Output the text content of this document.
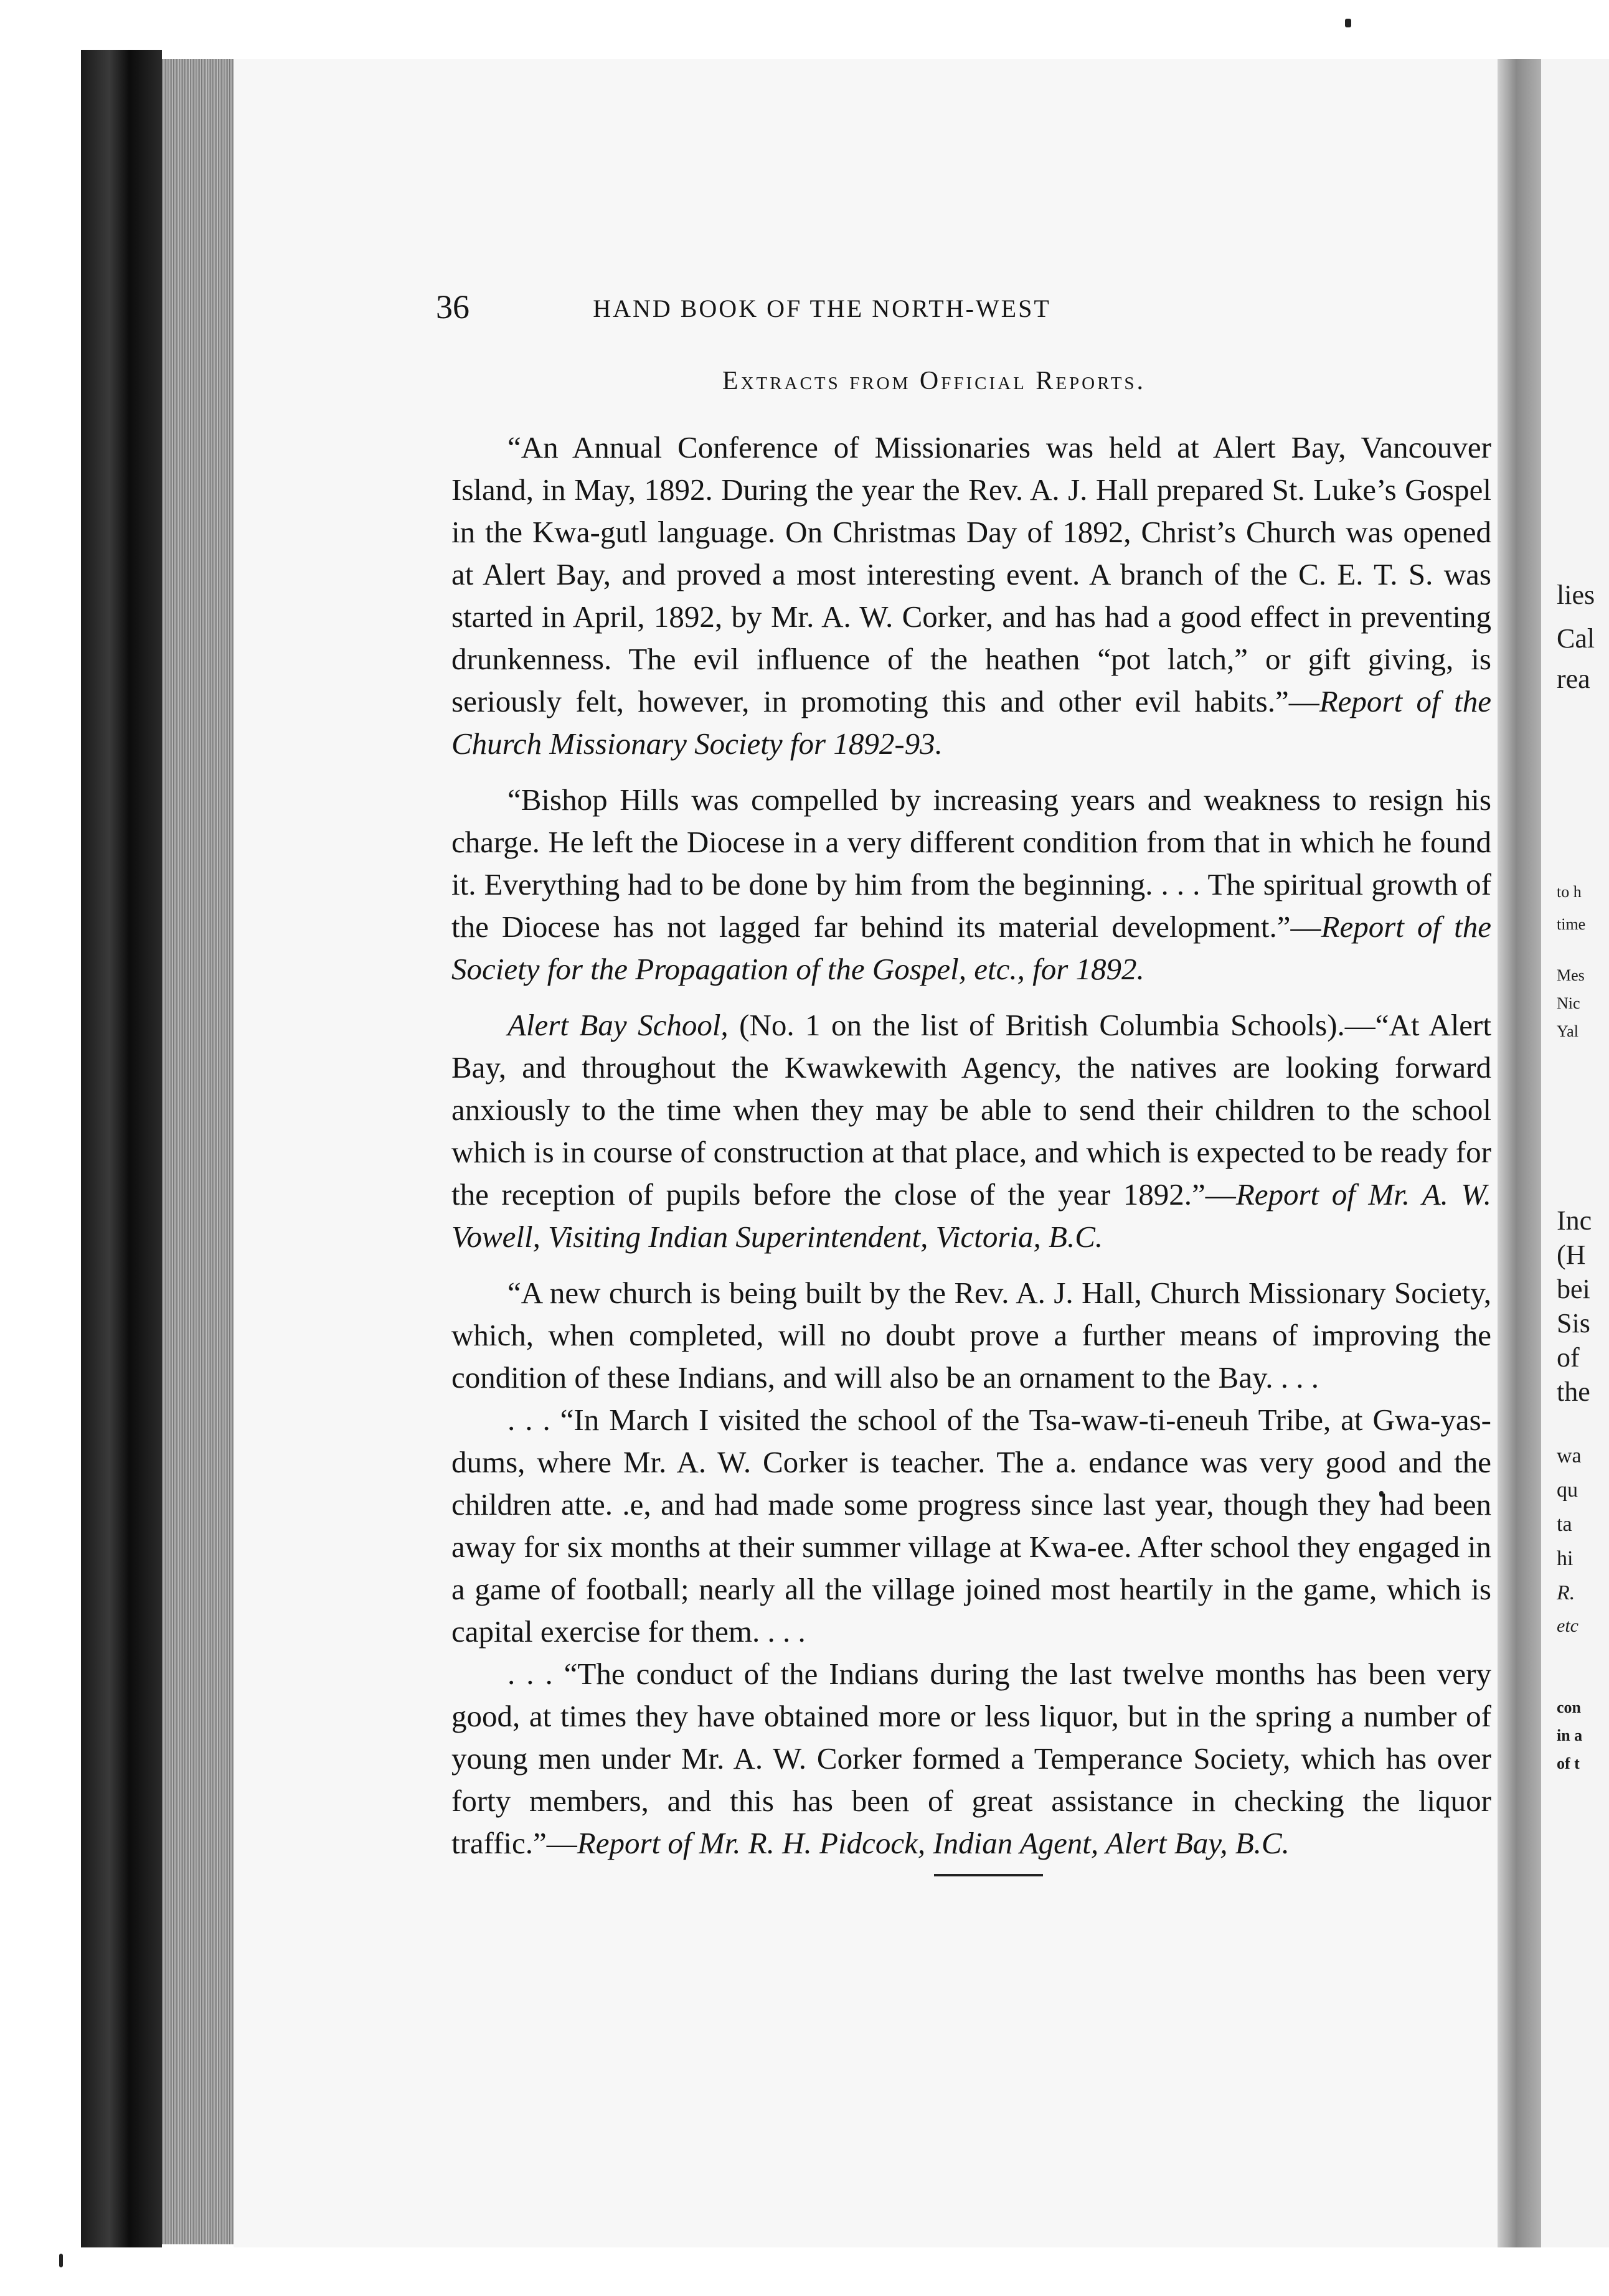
36	HAND BOOK OF THE NORTH-WEST
Extracts from Official Reports.

“An Annual Conference of Missionaries was held at Alert Bay, Vancouver Island, in May, 1892. During the year the Rev. A. J. Hall prepared St. Luke’s Gospel in the Kwa-gutl language. On Christmas Day of 1892, Christ’s Church was opened at Alert Bay, and proved a most interesting event. A branch of the C. E. T. S. was started in April, 1892, by Mr. A. W. Corker, and has had a good effect in preventing drunkenness. The evil influence of the heathen “pot latch,” or gift giving, is seriously felt, however, in promoting this and other evil habits.”—Report of the Church Missionary Society for 1892-93.

“Bishop Hills was compelled by increasing years and weakness to resign his charge. He left the Diocese in a very different condition from that in which he found it. Everything had to be done by him from the beginning. . . . The spiritual growth of the Diocese has not lagged far behind its material development.”—Report of the Society for the Propagation of the Gospel, etc., for 1892.

Alert Bay School, (No. 1 on the list of British Columbia Schools).—“At Alert Bay, and throughout the Kwawkewith Agency, the natives are looking forward anxiously to the time when they may be able to send their children to the school which is in course of construction at that place, and which is expected to be ready for the reception of pupils before the close of the year 1892.”—Report of Mr. A. W. Vowell, Visiting Indian Superintendent, Victoria, B.C.

“A new church is being built by the Rev. A. J. Hall, Church Missionary Society, which, when completed, will no doubt prove a further means of improving the condition of these Indians, and will also be an ornament to the Bay. . . .

. . . “In March I visited the school of the Tsa-waw-ti-eneuh Tribe, at Gwa-yas-dums, where Mr. A. W. Corker is teacher. The a. endance was very good and the children atte. .e, and had made some progress since last year, though they had been away for six months at their summer village at Kwa-ee. After school they engaged in a game of football; nearly all the village joined most heartily in the game, which is capital exercise for them. . . .

. . . “The conduct of the Indians during the last twelve months has been very good, at times they have obtained more or less liquor, but in the spring a number of young men under Mr. A. W. Corker formed a Temperance Society, which has over forty members, and this has been of great assistance in checking the liquor traffic.”—Report of Mr. R. H. Pidcock, Indian Agent, Alert Bay, B.C.

lies
Cal
rea
to h
time
Mes
Nic
Yal
Inc
(H
bei
Sis
of
the
wa
qu
ta
hi
R.
etc
con
in a
of t
